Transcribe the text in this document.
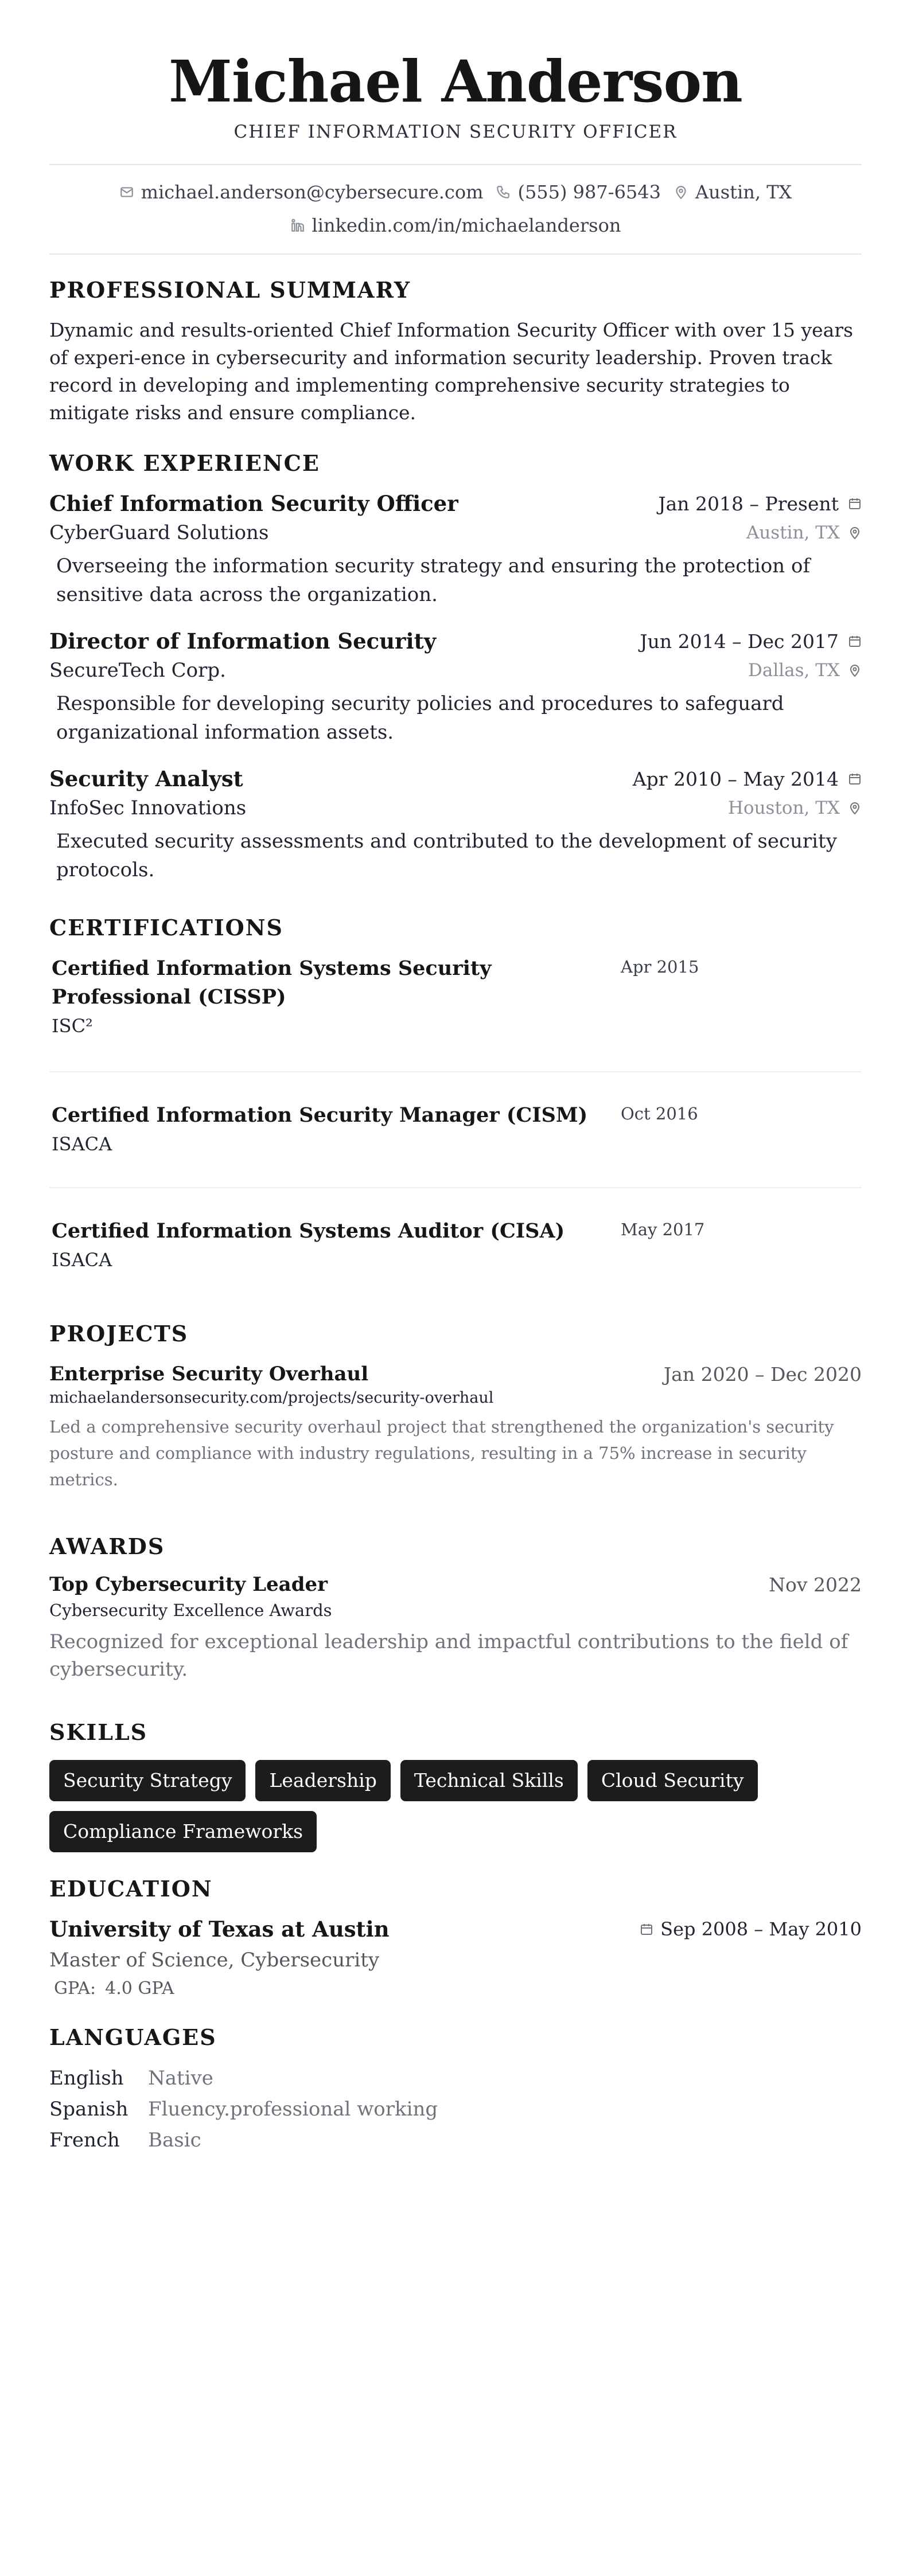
Michael Anderson
CHIEF INFORMATION SECURITY OFFICER
michael.anderson@cybersecure.com (555) 987-6543 Austin, TX
linkedin.com/in/michaelanderson
PROFESSIONAL SUMMARY
Dynamic and results-oriented Chief Information Security Officer with over 15 years of experi-ence in cybersecurity and information security leadership. Proven track record in developing and implementing comprehensive security strategies to mitigate risks and ensure compliance.
WORK EXPERIENCE
Chief Information Security Officer	Jan 2018 – Present
CyberGuard Solutions	Austin, TX
Overseeing the information security strategy and ensuring the protection of sensitive data across the organization.
Director of Information Security	Jun 2014 – Dec 2017
SecureTech Corp.	Dallas, TX
Responsible for developing security policies and procedures to safeguard organizational information assets.
Security Analyst	Apr 2010 – May 2014
InfoSec Innovations	Houston, TX
Executed security assessments and contributed to the development of security protocols.
CERTIFICATIONS
Certified Information Systems Security Professional (CISSP)
ISC²
Apr 2015
Certified Information Security Manager (CISM)
ISACA
Oct 2016
Certified Information Systems Auditor (CISA)
ISACA
May 2017
PROJECTS
Enterprise Security Overhaul	Jan 2020 – Dec 2020
michaelandersonsecurity.com/projects/security-overhaul
Led a comprehensive security overhaul project that strengthened the organization's security posture and compliance with industry regulations, resulting in a 75% increase in security metrics.
AWARDS
Top Cybersecurity Leader	Nov 2022
Cybersecurity Excellence Awards
Recognized for exceptional leadership and impactful contributions to the field of cybersecurity.
SKILLS
Security Strategy	Leadership	Technical Skills	Cloud Security
Compliance Frameworks
EDUCATION
University of Texas at Austin	Sep 2008 – May 2010
Master of Science, Cybersecurity
GPA: 4.0 GPA
LANGUAGES
English	Native
Spanish	Fluency.professional working
French	Basic
